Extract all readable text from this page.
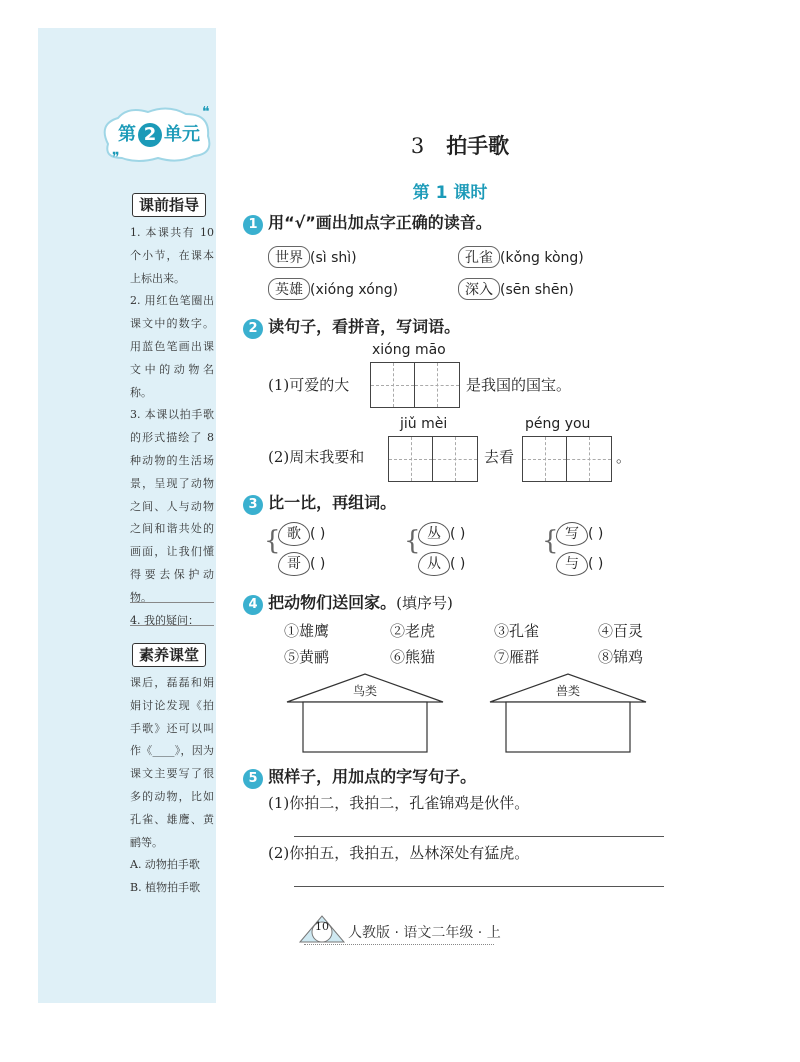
❝
❞
第 2 单元
课前指导
1. 本课共有 10 个小节，在课本上标出来。
2. 用红色笔圈出课文中的数字。用蓝色笔画出课文中的动物名称。
3. 本课以拍手歌的形式描绘了 8 种动物的生活场景，呈现了动物之间、人与动物之间和谐共处的画面，让我们懂得要去保护动物。
4. 我的疑问：
素养课堂
课后，磊磊和娟娟讨论发现《拍手歌》还可以叫作《____》，因为课文主要写了很多的动物，比如孔雀、雄鹰、黄鹂等。
A. 动物拍手歌
B. 植物拍手歌
3 拍手歌
第 1 课时
1 用“√”画出加点字正确的读音。
世界 (sì shì)	孔雀 (kǒng kòng)
英雄 (xióng xóng)	深入 (sēn shēn)
2 读句子，看拼音，写词语。
xióng māo
(1)可爱的大	是我国的国宝。
jiǔ mèi
(2)周末我要和	去看
péng you
。
3 比一比，再组词。
{ 歌 ( )
哥 ( )
{ 丛 ( )
从 ( )
{ 写 ( )
与 ( )
4 把动物们送回家。(填序号)
①雄鹰	②老虎	③孔雀	④百灵
⑤黄鹂	⑥熊猫	⑦雁群	⑧锦鸡
鸟类	兽类
5 照样子，用加点的字写句子。
(1)你拍二，我拍二，孔雀锦鸡是伙伴。
(2)你拍五，我拍五，丛林深处有猛虎。
10 人教版 · 语文二年级 · 上
